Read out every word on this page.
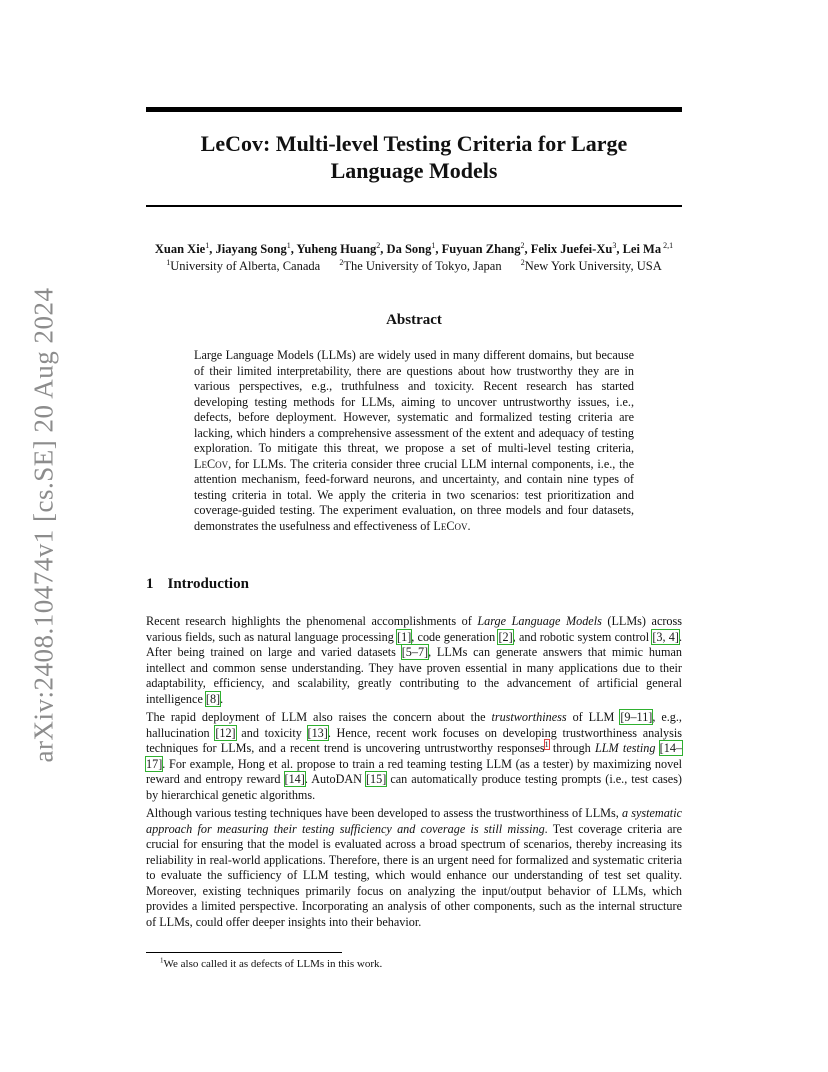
arXiv:2408.10474v1 [cs.SE] 20 Aug 2024
LeCov: Multi-level Testing Criteria for Large
Language Models
Xuan Xie$^1$, Jiayang Song$^1$, Yuheng Huang$^2$, Da Song$^1$, Fuyuan Zhang$^2$, Felix Juefei-Xu$^3$, Lei Ma $^{2,1}$
$^1$University of Alberta, Canada $^2$The University of Tokyo, Japan $^2$New York University, USA
Abstract

Large Language Models (LLMs) are widely used in many different domains, but because of their limited interpretability, there are questions about how trustworthy they are in various perspectives, e.g., truthfulness and toxicity. Recent research has started developing testing methods for LLMs, aiming to uncover untrustworthy issues, i.e., defects, before deployment. However, systematic and formalized testing criteria are lacking, which hinders a comprehensive assessment of the extent and adequacy of testing exploration. To mitigate this threat, we propose a set of multi-level testing criteria, LeCov, for LLMs. The criteria consider three crucial LLM internal components, i.e., the attention mechanism, feed-forward neurons, and uncertainty, and contain nine types of testing criteria in total. We apply the criteria in two scenarios: test prioritization and coverage-guided testing. The experiment evaluation, on three models and four datasets, demonstrates the usefulness and effectiveness of LeCov.

1 Introduction

Recent research highlights the phenomenal accomplishments of Large Language Models (LLMs) across various fields, such as natural language processing [1], code generation [2], and robotic system control [3, 4]. After being trained on large and varied datasets [5–7], LLMs can generate answers that mimic human intellect and common sense understanding. They have proven essential in many applications due to their adaptability, efficiency, and scalability, greatly contributing to the advancement of artificial general intelligence [8].

The rapid deployment of LLM also raises the concern about the trustworthiness of LLM [9–11], e.g., hallucination [12] and toxicity [13]. Hence, recent work focuses on developing trustworthiness analysis techniques for LLMs, and a recent trend is uncovering untrustworthy responses$^1$ through LLM testing [14–17]. For example, Hong et al. propose to train a red teaming testing LLM (as a tester) by maximizing novel reward and entropy reward [14]. AutoDAN [15] can automatically produce testing prompts (i.e., test cases) by hierarchical genetic algorithms.

Although various testing techniques have been developed to assess the trustworthiness of LLMs, a systematic approach for measuring their testing sufficiency and coverage is still missing. Test coverage criteria are crucial for ensuring that the model is evaluated across a broad spectrum of scenarios, thereby increasing its reliability in real-world applications. Therefore, there is an urgent need for formalized and systematic criteria to evaluate the sufficiency of LLM testing, which would enhance our understanding of test set quality. Moreover, existing techniques primarily focus on analyzing the input/output behavior of LLMs, which provides a limited perspective. Incorporating an analysis of other components, such as the internal structure of LLMs, could offer deeper insights into their behavior.

$^1$We also called it as defects of LLMs in this work.
